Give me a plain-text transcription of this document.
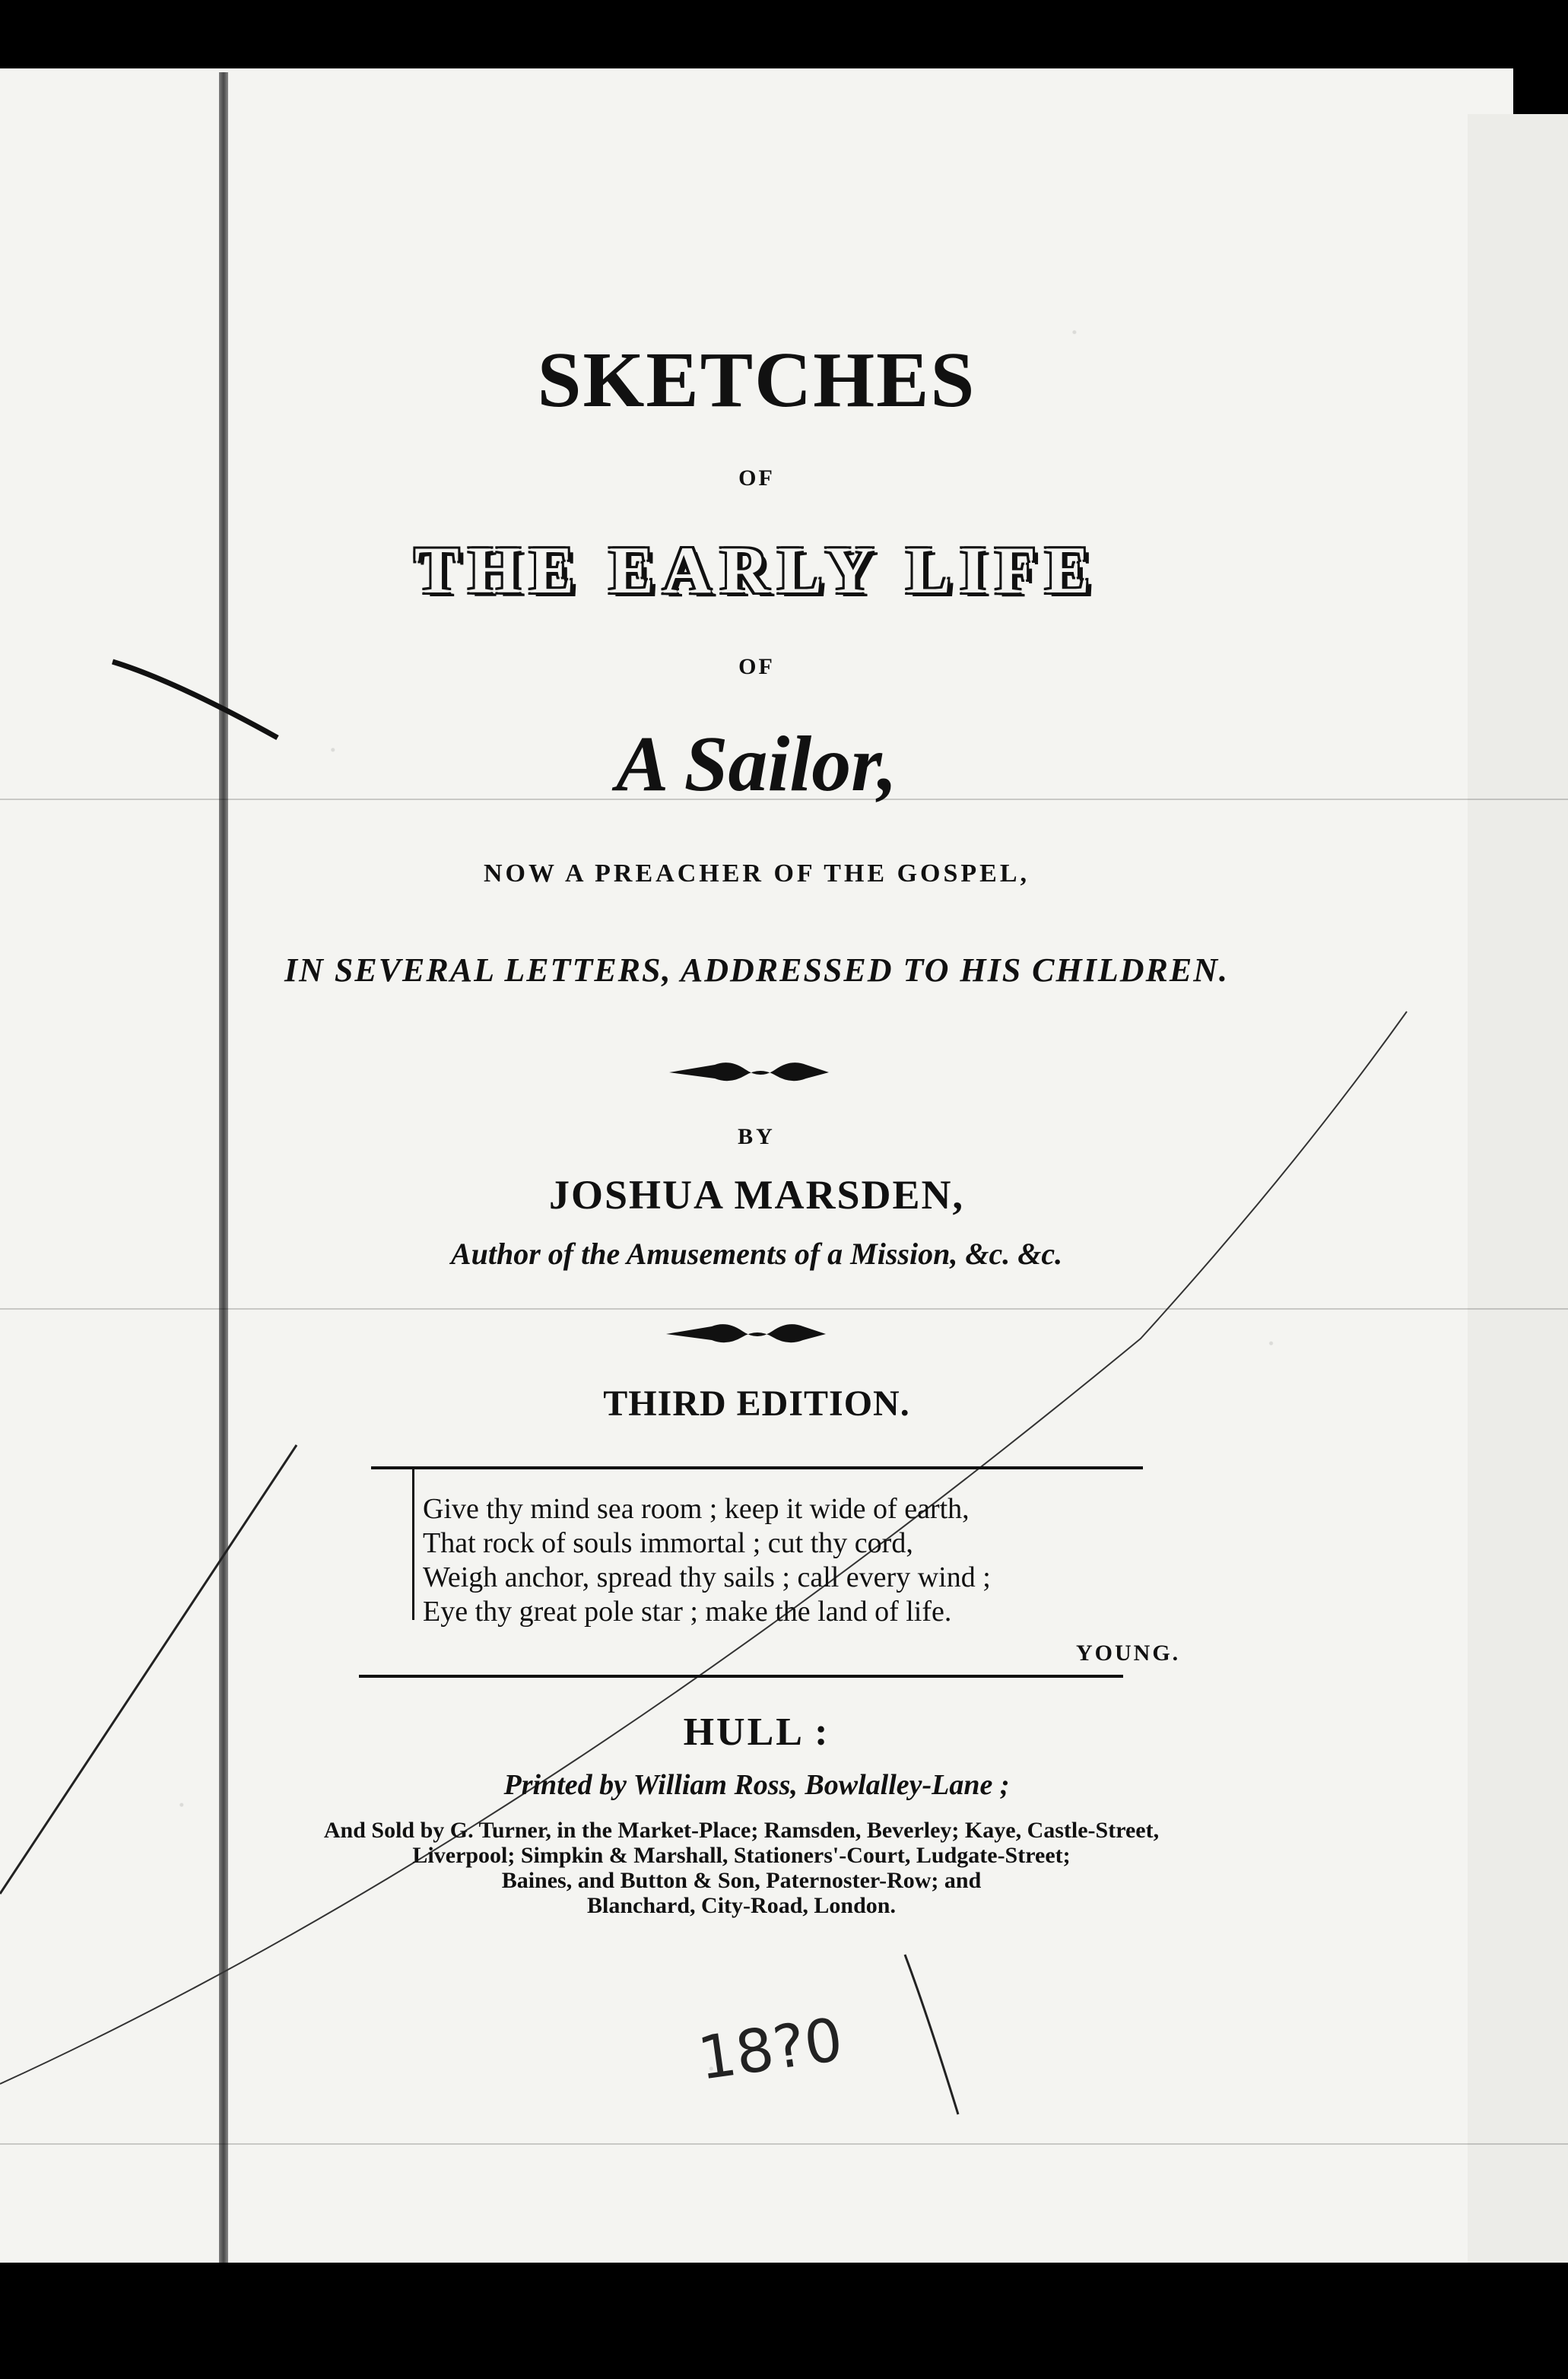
SKETCHES
OF
THE EARLY LIFE
OF
A Sailor,
NOW A PREACHER OF THE GOSPEL,
IN SEVERAL LETTERS, ADDRESSED TO HIS CHILDREN.
BY
JOSHUA MARSDEN,
Author of the Amusements of a Mission, &c. &c.
THIRD EDITION.
Give thy mind sea room ; keep it wide of earth,
That rock of souls immortal ; cut thy cord,
Weigh anchor, spread thy sails ; call every wind ;
Eye thy great pole star ; make the land of life.
YOUNG.
HULL :
Printed by William Ross, Bowlalley-Lane ;
And Sold by G. Turner, in the Market-Place; Ramsden, Beverley; Kaye, Castle-Street,
Liverpool; Simpkin & Marshall, Stationers'-Court, Ludgate-Street;
Baines, and Button & Son, Paternoster-Row; and
Blanchard, City-Road, London.
18?0
